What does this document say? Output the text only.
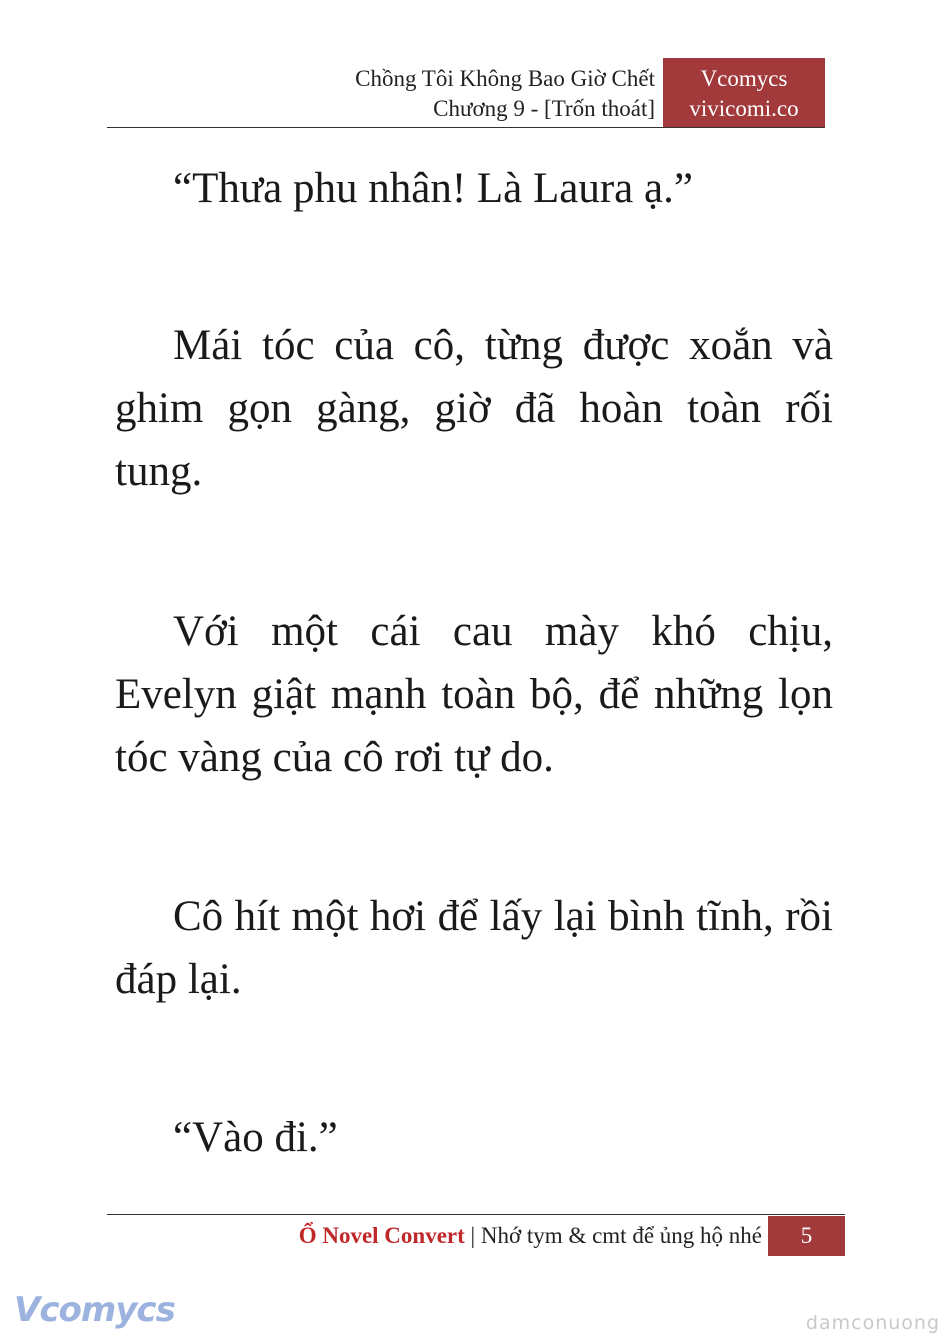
Chồng Tôi Không Bao Giờ Chết
Chương 9 - [Trốn thoát]
Vcomycs
vivicomi.co

“Thưa phu nhân! Là Laura ạ.”

Mái tóc của cô, từng được xoắn và ghim gọn gàng, giờ đã hoàn toàn rối tung.

Với một cái cau mày khó chịu, Evelyn giật mạnh toàn bộ, để những lọn tóc vàng của cô rơi tự do.

Cô hít một hơi để lấy lại bình tĩnh, rồi đáp lại.

“Vào đi.”

Ổ Novel Convert | Nhớ tym & cmt để ủng hộ nhé	5
Vcomycs	damconuong
